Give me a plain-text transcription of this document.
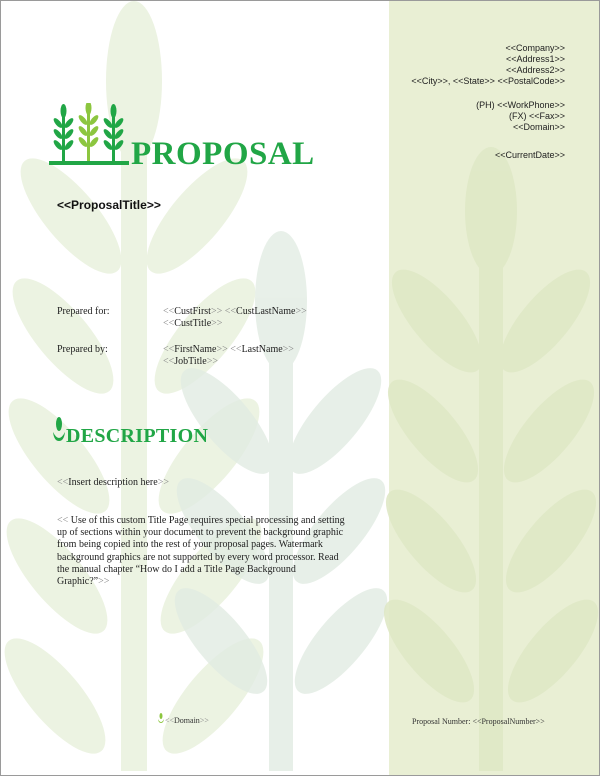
<<Company>>
<<Address1>>
<<Address2>>
<<City>>, <<State>> <<PostalCode>>
(PH) <<WorkPhone>>
(FX) <<Fax>>
<<Domain>>
<<CurrentDate>>
PROPOSAL
<<ProposalTitle>>
Prepared for:	<<CustFirst>> <<CustLastName>>
<<CustTitle>>
Prepared by:	<<FirstName>> <<LastName>>
<<JobTitle>>
DESCRIPTION
<<Insert description here>>
<< Use of this custom Title Page requires special processing and setting up of sections within your document to prevent the background graphic from being copied into the rest of your proposal pages. Watermark background graphics are not supported by every word processor. Read the manual chapter “How do I add a Title Page Background Graphic?”>>
<<Domain>>	Proposal Number: <<ProposalNumber>>
